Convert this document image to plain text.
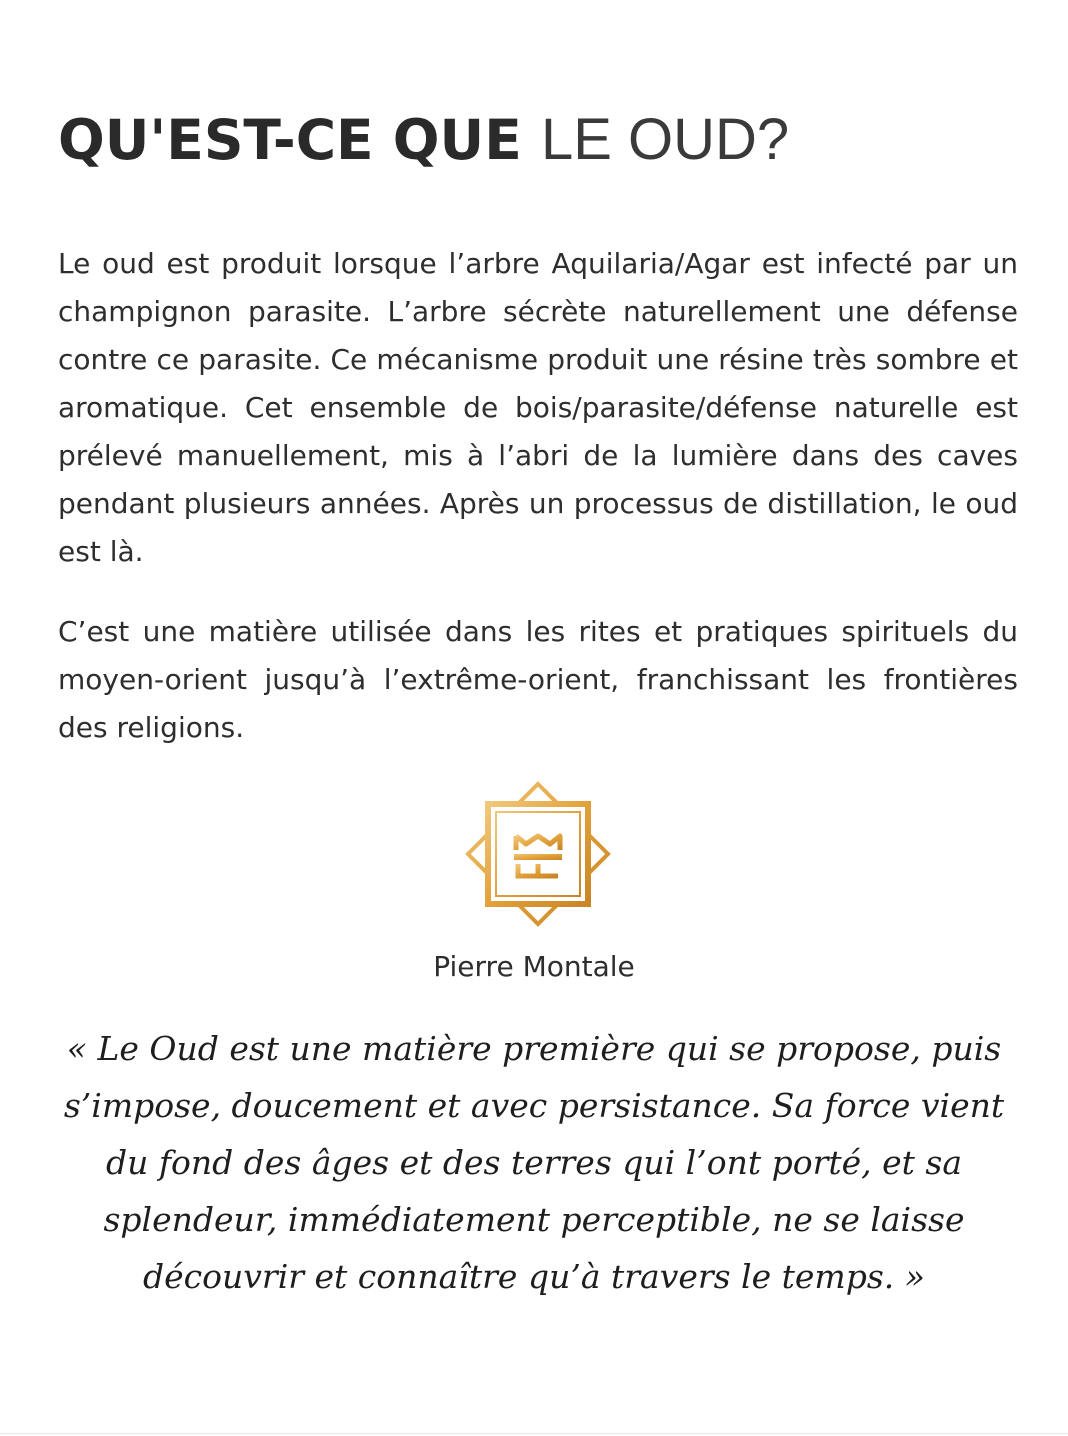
QU'EST-CE QUE LE OUD?

Le oud est produit lorsque l’arbre Aquilaria/Agar est infecté par un champignon parasite. L’arbre sécrète naturellement une défense contre ce parasite. Ce mécanisme produit une résine très sombre et aromatique. Cet ensemble de bois/parasite/défense naturelle est prélevé manuellement, mis à l’abri de la lumière dans des caves pendant plusieurs années. Après un processus de distillation, le oud est là.

C’est une matière utilisée dans les rites et pratiques spirituels du moyen-orient jusqu’à l’extrême-orient, franchissant les frontières des religions.

Pierre Montale

« Le Oud est une matière première qui se propose, puis s’impose, doucement et avec persistance. Sa force vient du fond des âges et des terres qui l’ont porté, et sa splendeur, immédiatement perceptible, ne se laisse découvrir et connaître qu’à travers le temps. »
